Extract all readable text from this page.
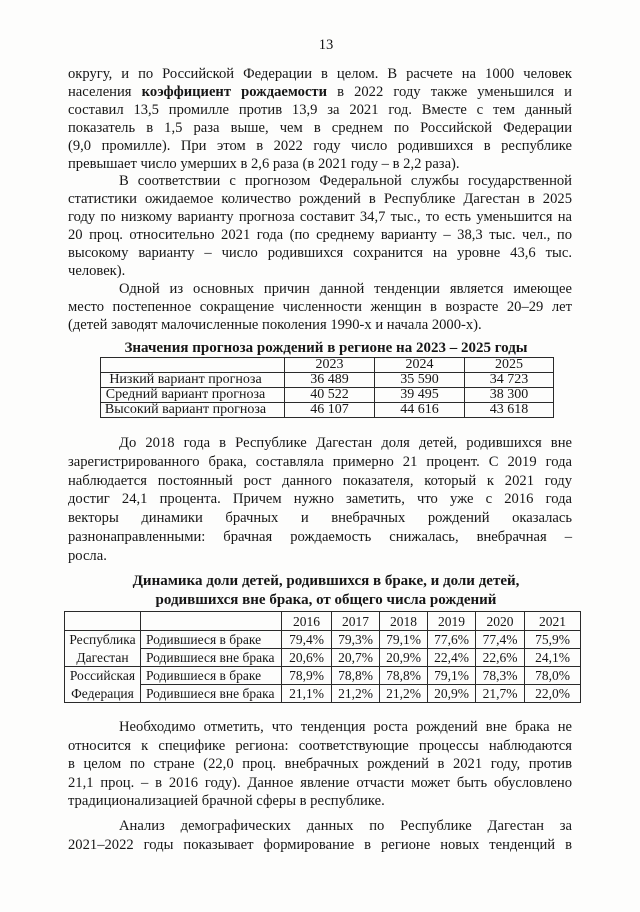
13
округу, и по Российской Федерации в целом. В расчете на 1000 человек
населения коэффициент рождаемости в 2022 году также уменьшился и
составил 13,5 промилле против 13,9 за 2021 год. Вместе с тем данный
показатель в 1,5 раза выше, чем в среднем по Российской Федерации
(9,0 промилле). При этом в 2022 году число родившихся в республике
превышает число умерших в 2,6 раза (в 2021 году – в 2,2 раза).
В соответствии с прогнозом Федеральной службы государственной
статистики ожидаемое количество рождений в Республике Дагестан в 2025
году по низкому варианту прогноза составит 34,7 тыс., то есть уменьшится на
20 проц. относительно 2021 года (по среднему варианту – 38,3 тыс. чел., по
высокому варианту – число родившихся сохранится на уровне 43,6 тыс.
человек).
Одной из основных причин данной тенденции является имеющее
место постепенное сокращение численности женщин в возрасте 20–29 лет
(детей заводят малочисленные поколения 1990-х и начала 2000-х).
Значения прогноза рождений в регионе на 2023 – 2025 годы
	2023	2024	2025
Низкий вариант прогноза	36 489	35 590	34 723
Средний вариант прогноза	40 522	39 495	38 300
Высокий вариант прогноза	46 107	44 616	43 618
До 2018 года в Республике Дагестан доля детей, родившихся вне
зарегистрированного брака, составляла примерно 21 процент. С 2019 года
наблюдается постоянный рост данного показателя, который к 2021 году
достиг 24,1 процента. Причем нужно заметить, что уже с 2016 года
векторы динамики брачных и внебрачных рождений оказалась
разнонаправленными: брачная рождаемость снижалась, внебрачная –
росла.
Динамика доли детей, родившихся в браке, и доли детей,
родившихся вне брака, от общего числа рождений
		2016	2017	2018	2019	2020	2021
Республика Дагестан	Родившиеся в браке	79,4%	79,3%	79,1%	77,6%	77,4%	75,9%
	Родившиеся вне брака	20,6%	20,7%	20,9%	22,4%	22,6%	24,1%
Российская Федерация	Родившиеся в браке	78,9%	78,8%	78,8%	79,1%	78,3%	78,0%
	Родившиеся вне брака	21,1%	21,2%	21,2%	20,9%	21,7%	22,0%
Необходимо отметить, что тенденция роста рождений вне брака не
относится к специфике региона: соответствующие процессы наблюдаются
в целом по стране (22,0 проц. внебрачных рождений в 2021 году, против
21,1 проц. – в 2016 году). Данное явление отчасти может быть обусловлено
традиционализацией брачной сферы в республике.
Анализ демографических данных по Республике Дагестан за
2021–2022 годы показывает формирование в регионе новых тенденций в
